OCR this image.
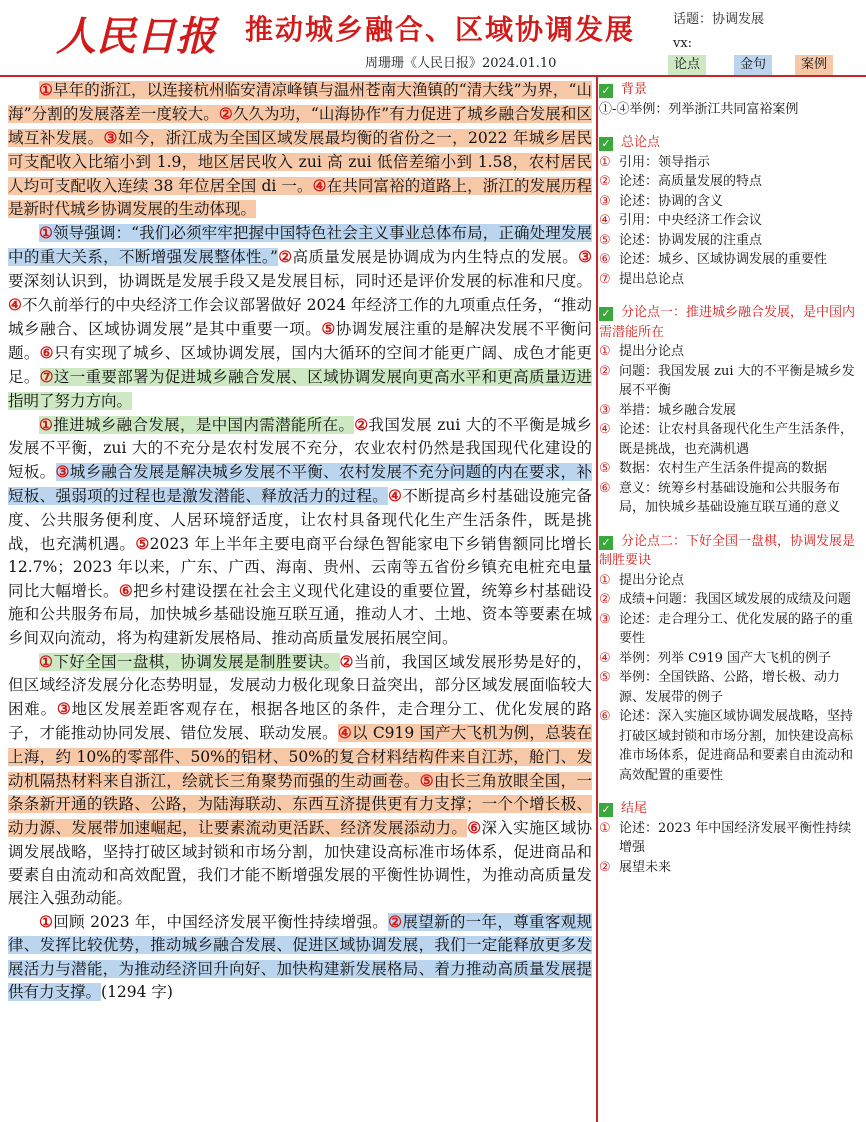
人民日报 推动城乡融合、区域协调发展
周珊珊《人民日报》2024.01.10
话题：协调发展
vx:
论点	金句	案例

①早年的浙江，以连接杭州临安清凉峰镇与温州苍南大渔镇的“清大线”为界，“山海”分割的发展落差一度较大。②久久为功，“山海协作”有力促进了城乡融合发展和区域互补发展。③如今，浙江成为全国区域发展最均衡的省份之一，2022 年城乡居民可支配收入比缩小到 1.9，地区居民收入 zui 高 zui 低倍差缩小到 1.58，农村居民人均可支配收入连续 38 年位居全国 di 一。④在共同富裕的道路上，浙江的发展历程是新时代城乡协调发展的生动体现。

①领导强调：“我们必须牢牢把握中国特色社会主义事业总体布局，正确处理发展中的重大关系，不断增强发展整体性。”②高质量发展是协调成为内生特点的发展。③要深刻认识到，协调既是发展手段又是发展目标，同时还是评价发展的标准和尺度。④不久前举行的中央经济工作会议部署做好 2024 年经济工作的九项重点任务，“推动城乡融合、区域协调发展”是其中重要一项。⑤协调发展注重的是解决发展不平衡问题。⑥只有实现了城乡、区域协调发展，国内大循环的空间才能更广阔、成色才能更足。⑦这一重要部署为促进城乡融合发展、区域协调发展向更高水平和更高质量迈进指明了努力方向。

①推进城乡融合发展，是中国内需潜能所在。②我国发展 zui 大的不平衡是城乡发展不平衡，zui 大的不充分是农村发展不充分，农业农村仍然是我国现代化建设的短板。③城乡融合发展是解决城乡发展不平衡、农村发展不充分问题的内在要求，补短板、强弱项的过程也是激发潜能、释放活力的过程。④不断提高乡村基础设施完备度、公共服务便利度、人居环境舒适度，让农村具备现代化生产生活条件，既是挑战，也充满机遇。⑤2023 年上半年主要电商平台绿色智能家电下乡销售额同比增长 12.7%；2023 年以来，广东、广西、海南、贵州、云南等五省份乡镇充电桩充电量同比大幅增长。⑥把乡村建设摆在社会主义现代化建设的重要位置，统筹乡村基础设施和公共服务布局，加快城乡基础设施互联互通，推动人才、土地、资本等要素在城乡间双向流动，将为构建新发展格局、推动高质量发展拓展空间。

①下好全国一盘棋，协调发展是制胜要诀。②当前，我国区域发展形势是好的，但区域经济发展分化态势明显，发展动力极化现象日益突出，部分区域发展面临较大困难。③地区发展差距客观存在，根据各地区的条件，走合理分工、优化发展的路子，才能推动协同发展、错位发展、联动发展。④以 C919 国产大飞机为例，总装在上海，约 10%的零部件、50%的铝材、50%的复合材料结构件来自江苏，舱门、发动机隔热材料来自浙江，绘就长三角聚势而强的生动画卷。⑤由长三角放眼全国，一条条新开通的铁路、公路，为陆海联动、东西互济提供更有力支撑；一个个增长极、动力源、发展带加速崛起，让要素流动更活跃、经济发展添动力。⑥深入实施区域协调发展战略，坚持打破区域封锁和市场分割，加快建设高标准市场体系，促进商品和要素自由流动和高效配置，我们才能不断增强发展的平衡性协调性，为推动高质量发展注入强劲动能。

①回顾 2023 年，中国经济发展平衡性持续增强。②展望新的一年，尊重客观规律、发挥比较优势，推动城乡融合发展、促进区域协调发展，我们一定能释放更多发展活力与潜能，为推动经济回升向好、加快构建新发展格局、着力推动高质量发展提供有力支撑。(1294 字)

✓ 背景
①-④举例：列举浙江共同富裕案例
✓ 总论点
① 引用：领导指示
② 论述：高质量发展的特点
③ 论述：协调的含义
④ 引用：中央经济工作会议
⑤ 论述：协调发展的注重点
⑥ 论述：城乡、区域协调发展的重要性
⑦ 提出总论点
✓ 分论点一：推进城乡融合发展，是中国内需潜能所在
① 提出分论点
② 问题：我国发展 zui 大的不平衡是城乡发展不平衡
③ 举措：城乡融合发展
④ 论述：让农村具备现代化生产生活条件，既是挑战，也充满机遇
⑤ 数据：农村生产生活条件提高的数据
⑥ 意义：统筹乡村基础设施和公共服务布局，加快城乡基础设施互联互通的意义
✓ 分论点二：下好全国一盘棋，协调发展是制胜要诀
① 提出分论点
② 成绩+问题：我国区域发展的成绩及问题
③ 论述：走合理分工、优化发展的路子的重要性
④ 举例：列举 C919 国产大飞机的例子
⑤ 举例：全国铁路、公路，增长极、动力源、发展带的例子
⑥ 论述：深入实施区域协调发展战略，坚持打破区域封锁和市场分割，加快建设高标准市场体系，促进商品和要素自由流动和高效配置的重要性
✓ 结尾
① 论述：2023 年中国经济发展平衡性持续增强
② 展望未来
